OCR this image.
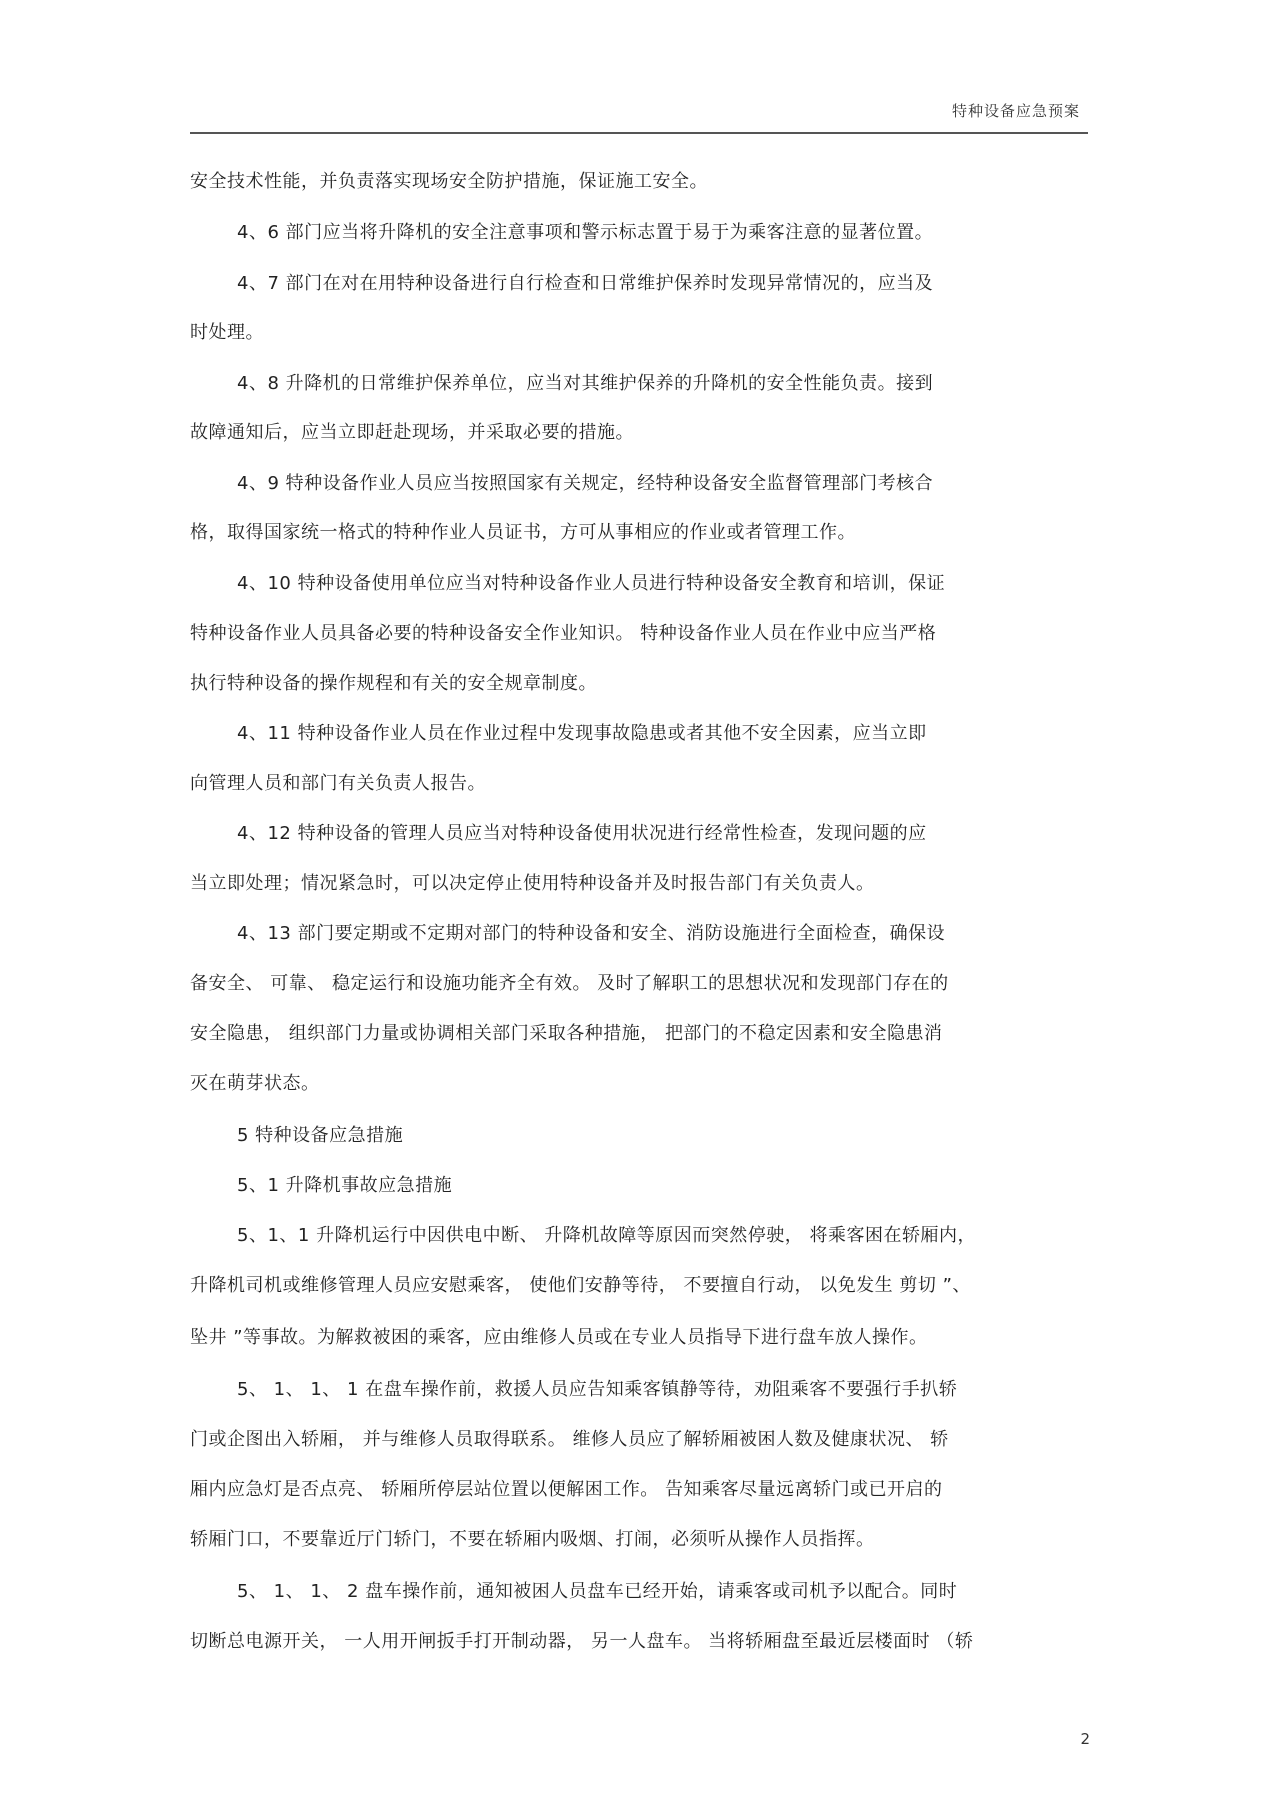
特种设备应急预案
安全技术性能，并负责落实现场安全防护措施，保证施工安全。
4、6 部门应当将升降机的安全注意事项和警示标志置于易于为乘客注意的显著位置。
4、7 部门在对在用特种设备进行自行检查和日常维护保养时发现异常情况的，应当及
时处理。
4、8 升降机的日常维护保养单位，应当对其维护保养的升降机的安全性能负责。接到
故障通知后，应当立即赶赴现场，并采取必要的措施。
4、9 特种设备作业人员应当按照国家有关规定，经特种设备安全监督管理部门考核合
格，取得国家统一格式的特种作业人员证书，方可从事相应的作业或者管理工作。
4、10 特种设备使用单位应当对特种设备作业人员进行特种设备安全教育和培训，保证
特种设备作业人员具备必要的特种设备安全作业知识。 特种设备作业人员在作业中应当严格
执行特种设备的操作规程和有关的安全规章制度。
4、11 特种设备作业人员在作业过程中发现事故隐患或者其他不安全因素，应当立即
向管理人员和部门有关负责人报告。
4、12 特种设备的管理人员应当对特种设备使用状况进行经常性检查，发现问题的应
当立即处理；情况紧急时，可以决定停止使用特种设备并及时报告部门有关负责人。
4、13 部门要定期或不定期对部门的特种设备和安全、消防设施进行全面检查，确保设
备安全、 可靠、 稳定运行和设施功能齐全有效。 及时了解职工的思想状况和发现部门存在的
安全隐患， 组织部门力量或协调相关部门采取各种措施， 把部门的不稳定因素和安全隐患消
灭在萌芽状态。
5 特种设备应急措施
5、1 升降机事故应急措施
5、1、1 升降机运行中因供电中断、 升降机故障等原因而突然停驶， 将乘客困在轿厢内，
升降机司机或维修管理人员应安慰乘客， 使他们安静等待， 不要擅自行动， 以免发生 剪切 ”、
坠井 ”等事故。为解救被困的乘客，应由维修人员或在专业人员指导下进行盘车放人操作。
5、 1、 1、 1 在盘车操作前，救援人员应告知乘客镇静等待，劝阻乘客不要强行手扒轿
门或企图出入轿厢， 并与维修人员取得联系。 维修人员应了解轿厢被困人数及健康状况、 轿
厢内应急灯是否点亮、 轿厢所停层站位置以便解困工作。 告知乘客尽量远离轿门或已开启的
轿厢门口，不要靠近厅门轿门，不要在轿厢内吸烟、打闹，必须听从操作人员指挥。
5、 1、 1、 2 盘车操作前，通知被困人员盘车已经开始，请乘客或司机予以配合。同时
切断总电源开关， 一人用开闸扳手打开制动器， 另一人盘车。 当将轿厢盘至最近层楼面时 （轿
2
